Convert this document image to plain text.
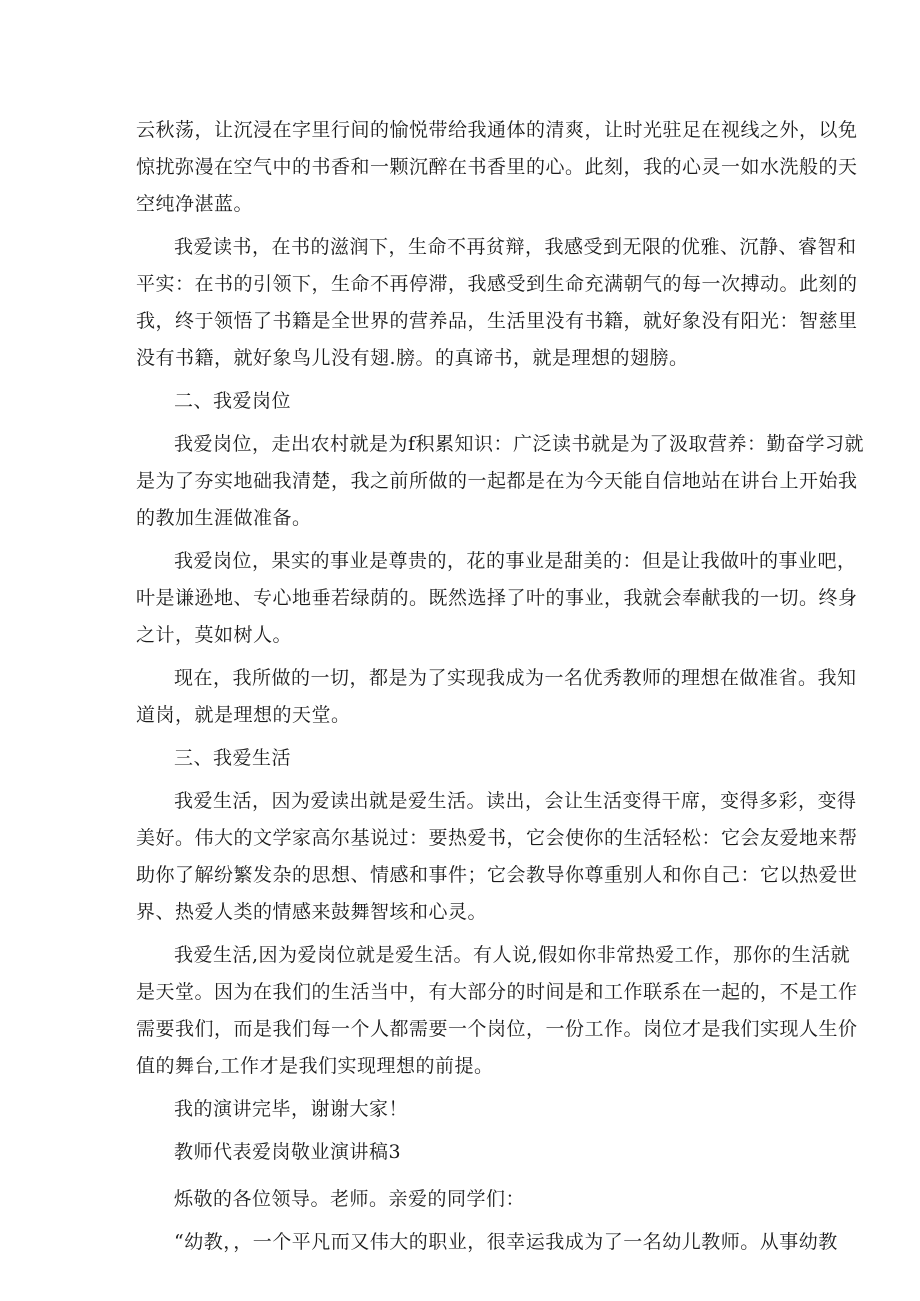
云秋荡，让沉浸在字里行间的愉悦带给我通体的清爽，让时光驻足在视线之外，以免
惊扰弥漫在空气中的书香和一颗沉醉在书香里的心。此刻，我的心灵一如水洗般的天
空纯净湛蓝。
我爱读书，在书的滋润下，生命不再贫辩，我感受到无限的优雅、沉静、睿智和
平实：在书的引领下，生命不再停滞，我感受到生命充满朝气的每一次搏动。此刻的
我，终于领悟了书籍是全世界的营养品，生活里没有书籍，就好象没有阳光：智慈里
没有书籍，就好象鸟儿没有翅.膀。的真谛书，就是理想的翅膀。
二、我爱岗位
我爱岗位，走出农村就是为f积累知识：广泛读书就是为了汲取营养：勤奋学习就
是为了夯实地础我清楚，我之前所做的一起都是在为今天能自信地站在讲台上开始我
的教加生涯做准备。
我爱岗位，果实的事业是尊贵的，花的事业是甜美的：但是让我做叶的事业吧，
叶是谦逊地、专心地垂若绿荫的。既然选择了叶的事业，我就会奉献我的一切。终身
之计，莫如树人。
现在，我所做的一切，都是为了实现我成为一名优秀教师的理想在做准省。我知
道岗，就是理想的天堂。
三、我爱生活
我爱生活，因为爱读出就是爱生活。读出，会让生活变得干席，变得多彩，变得
美好。伟大的文学家高尔基说过：要热爱书，它会使你的生活轻松：它会友爱地来帮
助你了解纷繁发杂的思想、情感和事件；它会教导你尊重别人和你自己：它以热爱世
界、热爱人类的情感来鼓舞智垓和心灵。
我爱生活,因为爱岗位就是爱生活。有人说,假如你非常热爱工作，那你的生活就
是天堂。因为在我们的生活当中，有大部分的时间是和工作联系在一起的，不是工作
需要我们，而是我们每一个人都需要一个岗位，一份工作。岗位才是我们实现人生价
值的舞台,工作才是我们实现理想的前提。
我的演讲完毕，谢谢大家！
教师代表爱岗敬业演讲稿3
烁敬的各位领导。老师。亲爱的同学们：
“幼教，，一个平凡而又伟大的职业，很幸运我成为了一名幼儿教师。从事幼教
